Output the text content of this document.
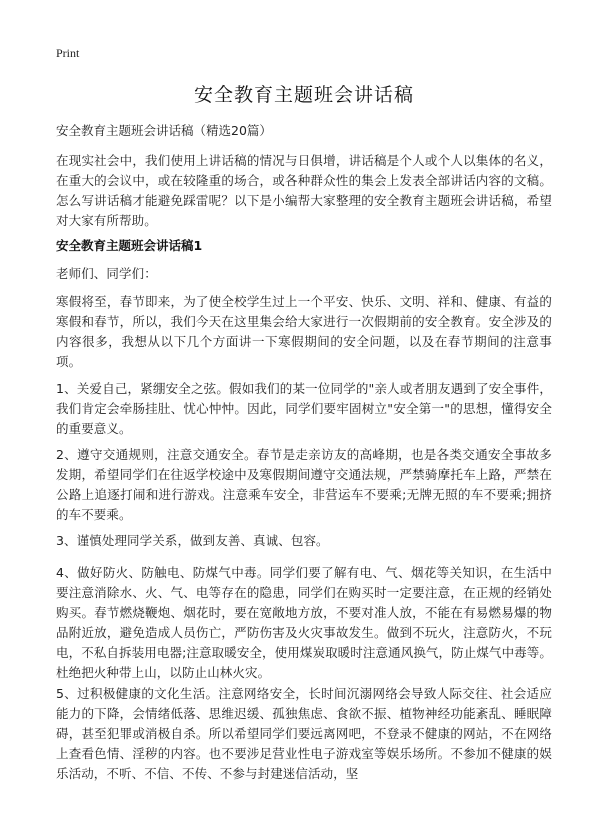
Print
安全教育主题班会讲话稿
安全教育主题班会讲话稿（精选20篇）

在现实社会中，我们使用上讲话稿的情况与日俱增，讲话稿是个人或个人以集体的名义，在重大的会议中，或在较隆重的场合，或各种群众性的集会上发表全部讲话内容的文稿。怎么写讲话稿才能避免踩雷呢？以下是小编帮大家整理的安全教育主题班会讲话稿，希望对大家有所帮助。

安全教育主题班会讲话稿1

老师们、同学们：

寒假将至，春节即来，为了使全校学生过上一个平安、快乐、文明、祥和、健康、有益的寒假和春节，所以，我们今天在这里集会给大家进行一次假期前的安全教育。安全涉及的内容很多，我想从以下几个方面讲一下寒假期间的安全问题，以及在春节期间的注意事项。

1、关爱自己，紧绷安全之弦。假如我们的某一位同学的"亲人或者朋友遇到了安全事件，我们肯定会牵肠挂肚、忧心忡忡。因此，同学们要牢固树立"安全第一"的思想，懂得安全的重要意义。

2、遵守交通规则，注意交通安全。春节是走亲访友的高峰期，也是各类交通安全事故多发期，希望同学们在往返学校途中及寒假期间遵守交通法规，严禁骑摩托车上路，严禁在公路上追逐打闹和进行游戏。注意乘车安全，非营运车不要乘;无牌无照的车不要乘;拥挤的车不要乘。

3、谨慎处理同学关系，做到友善、真诚、包容。

4、做好防火、防触电、防煤气中毒。同学们要了解有电、气、烟花等关知识，在生活中要注意消除水、火、气、电等存在的隐患，同学们在购买时一定要注意，在正规的经销处购买。春节燃烧鞭炮、烟花时，要在宽敞地方放，不要对准人放，不能在有易燃易爆的物品附近放，避免造成人员伤亡，严防伤害及火灾事故发生。做到不玩火，注意防火，不玩电，不私自拆装用电器;注意取暖安全，使用煤炭取暖时注意通风换气，防止煤气中毒等。杜绝把火种带上山，以防止山林火灾。

5、过积极健康的文化生活。注意网络安全，长时间沉溺网络会导致人际交往、社会适应能力的下降，会情绪低落、思维迟缓、孤独焦虑、食欲不振、植物神经功能紊乱、睡眠障碍，甚至犯罪或消极自杀。所以希望同学们要远离网吧，不登录不健康的网站，不在网络上查看色情、淫秽的内容。也不要涉足营业性电子游戏室等娱乐场所。不参加不健康的娱乐活动，不听、不信、不传、不参与封建迷信活动，坚
